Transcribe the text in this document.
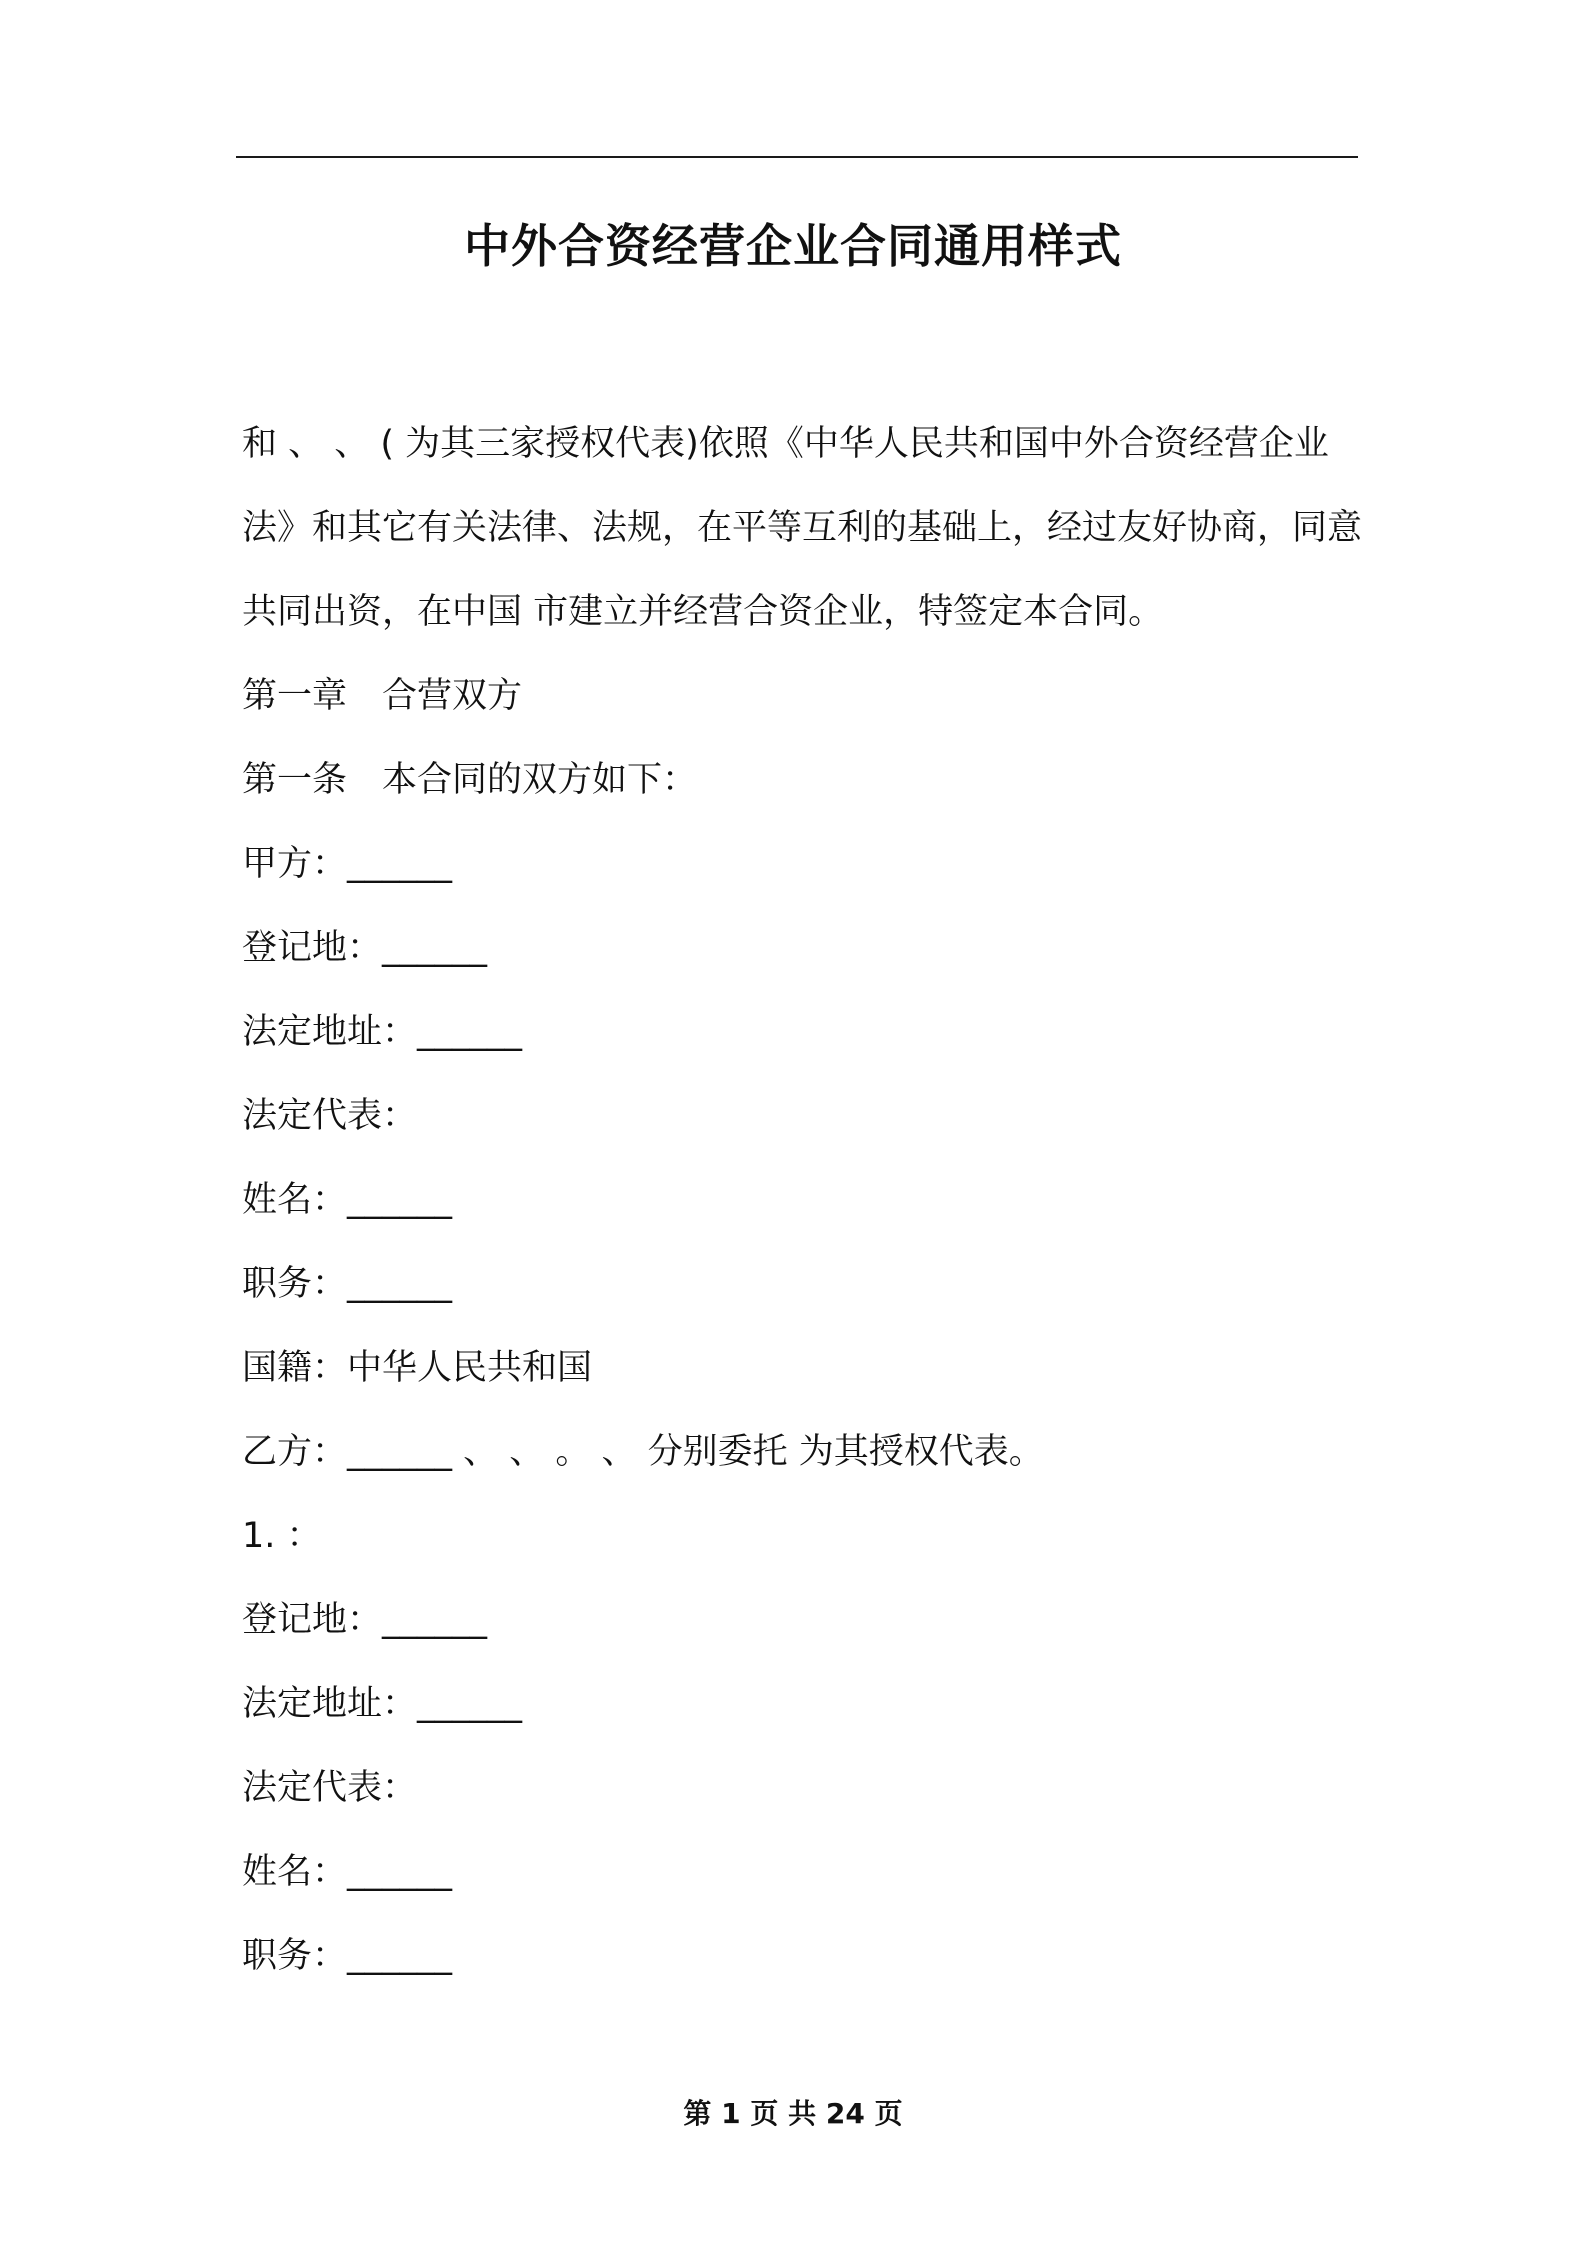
中外合资经营企业合同通用样式

和 、 、 ( 为其三家授权代表)依照《中华人民共和国中外合资经营企业法》和其它有关法律、法规，在平等互利的基础上，经过友好协商，同意共同出资，在中国 市建立并经营合资企业，特签定本合同。

第一章　合营双方

第一条　本合同的双方如下：

甲方：______

登记地：______

法定地址：______

法定代表：

姓名：______

职务：______

国籍：中华人民共和国

乙方：______ 、 、 。 、 分别委托 为其授权代表。

1. ：

登记地：______

法定地址：______

法定代表：

姓名：______

职务：______

第 1 页 共 24 页
